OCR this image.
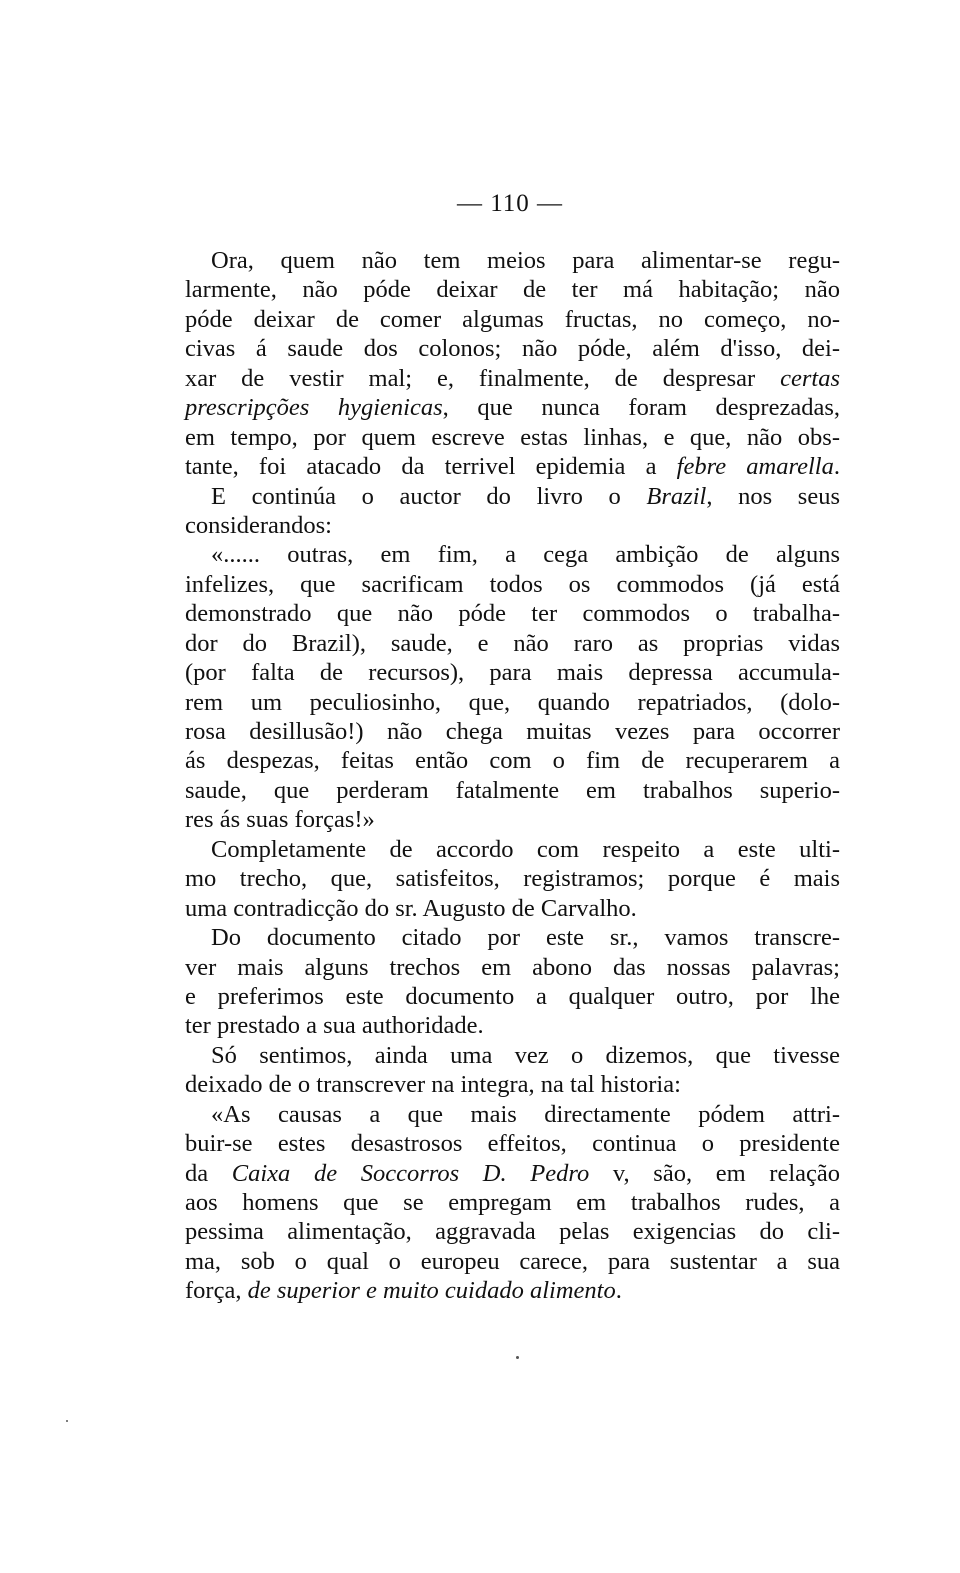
— 110 —
Ora, quem não tem meios para alimentar-se regu-
larmente, não póde deixar de ter má habitação; não
póde deixar de comer algumas fructas, no começo, no-
civas á saude dos colonos; não póde, além d'isso, dei-
xar de vestir mal; e, finalmente, de despresar certas
prescripções hygienicas, que nunca foram desprezadas,
em tempo, por quem escreve estas linhas, e que, não obs-
tante, foi atacado da terrivel epidemia a febre amarella.
E continúa o auctor do livro o Brazil, nos seus
considerandos:
«...... outras, em fim, a cega ambição de alguns
infelizes, que sacrificam todos os commodos (já está
demonstrado que não póde ter commodos o trabalha-
dor do Brazil), saude, e não raro as proprias vidas
(por falta de recursos), para mais depressa accumula-
rem um peculiosinho, que, quando repatriados, (dolo-
rosa desillusão!) não chega muitas vezes para occorrer
ás despezas, feitas então com o fim de recuperarem a
saude, que perderam fatalmente em trabalhos superio-
res ás suas forças!»
Completamente de accordo com respeito a este ulti-
mo trecho, que, satisfeitos, registramos; porque é mais
uma contradicção do sr. Augusto de Carvalho.
Do documento citado por este sr., vamos transcre-
ver mais alguns trechos em abono das nossas palavras;
e preferimos este documento a qualquer outro, por lhe
ter prestado a sua authoridade.
Só sentimos, ainda uma vez o dizemos, que tivesse
deixado de o transcrever na integra, na tal historia:
«As causas a que mais directamente pódem attri-
buir-se estes desastrosos effeitos, continua o presidente
da Caixa de Soccorros D. Pedro v, são, em relação
aos homens que se empregam em trabalhos rudes, a
pessima alimentação, aggravada pelas exigencias do cli-
ma, sob o qual o europeu carece, para sustentar a sua
força, de superior e muito cuidado alimento.
